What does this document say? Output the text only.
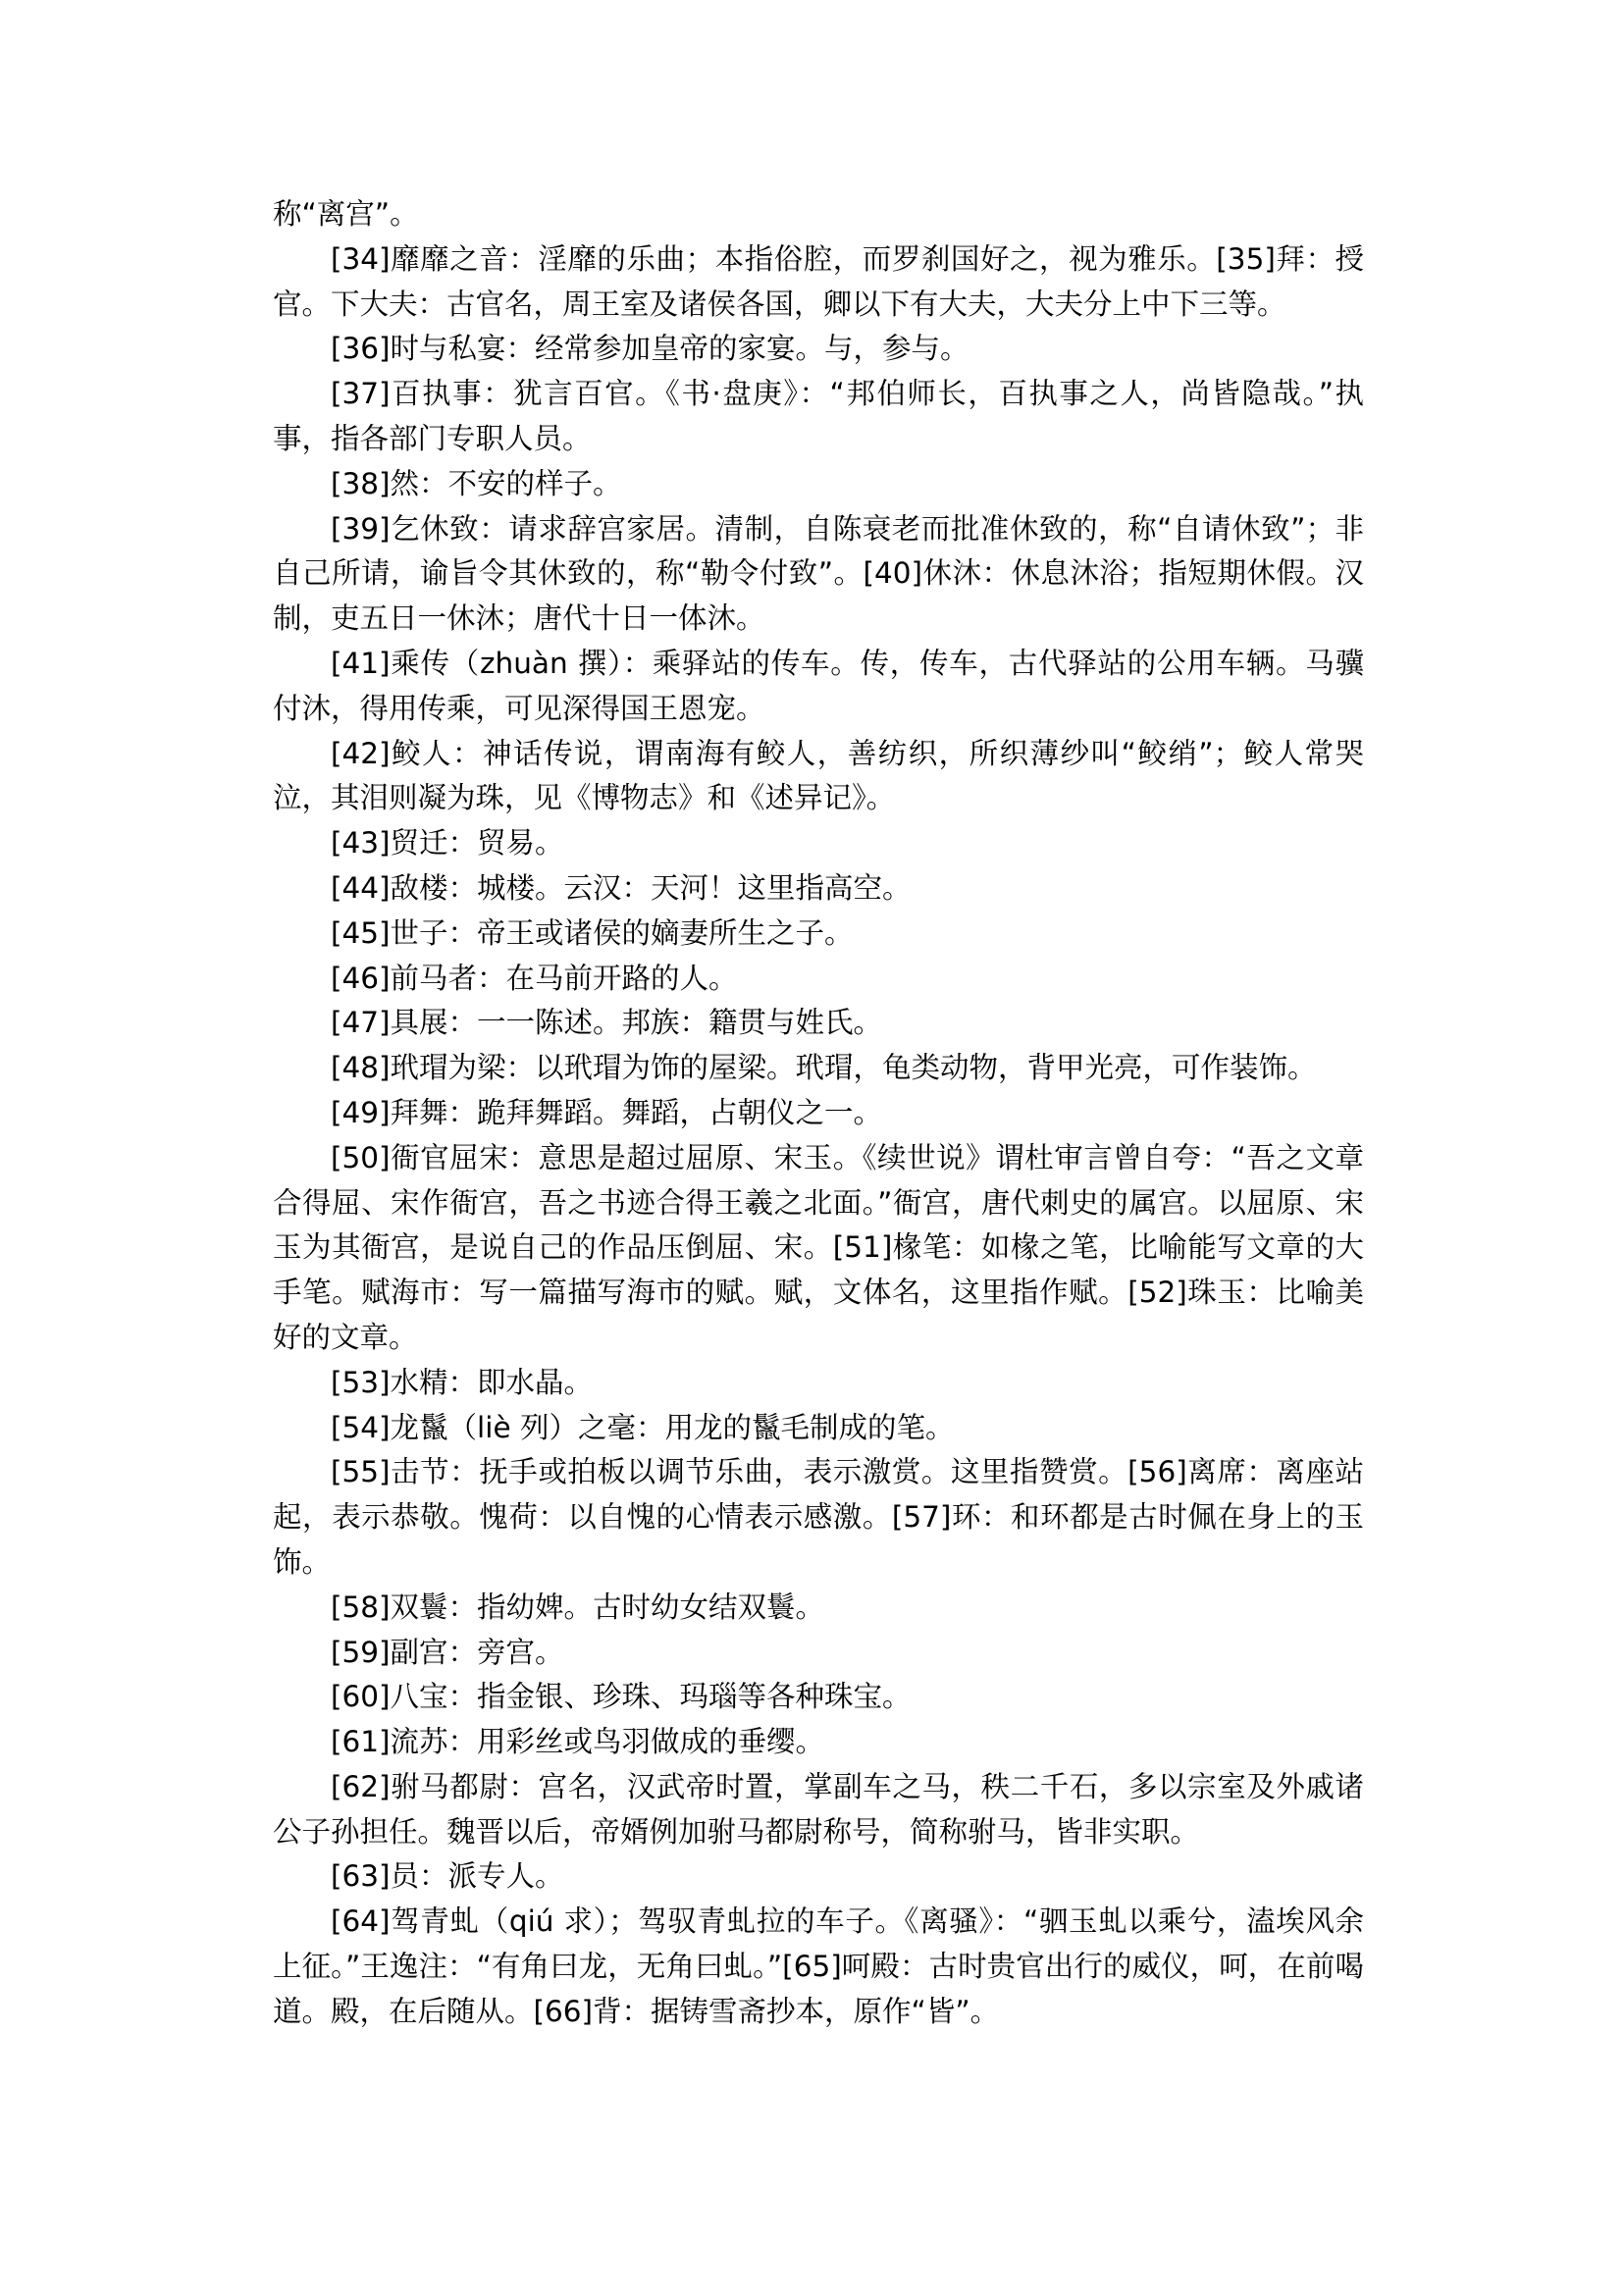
称“离宫”。

[34]靡靡之音：淫靡的乐曲；本指俗腔，而罗刹国好之，视为雅乐。[35]拜：授官。下大夫：古官名，周王室及诸侯各国，卿以下有大夫，大夫分上中下三等。

[36]时与私宴：经常参加皇帝的家宴。与，参与。

[37]百执事：犹言百官。《书·盘庚》：“邦伯师长，百执事之人，尚皆隐哉。”执事，指各部门专职人员。

[38]然：不安的样子。

[39]乞休致：请求辞宫家居。清制，自陈衰老而批准休致的，称“自请休致”；非自己所请，谕旨令其休致的，称“勒令付致”。[40]休沐：休息沐浴；指短期休假。汉制，吏五日一休沐；唐代十日一体沐。

[41]乘传（zhuàn 撰）：乘驿站的传车。传，传车，古代驿站的公用车辆。马骥付沐，得用传乘，可见深得国王恩宠。

[42]鲛人：神话传说，谓南海有鲛人，善纺织，所织薄纱叫“鲛绡”；鲛人常哭泣，其泪则凝为珠，见《博物志》和《述异记》。

[43]贸迁：贸易。

[44]敌楼：城楼。云汉：天河！这里指高空。

[45]世子：帝王或诸侯的嫡妻所生之子。

[46]前马者：在马前开路的人。

[47]具展：一一陈述。邦族：籍贯与姓氏。

[48]玳瑁为梁：以玳瑁为饰的屋梁。玳瑁，龟类动物，背甲光亮，可作装饰。

[49]拜舞：跪拜舞蹈。舞蹈，占朝仪之一。

[50]衙官屈宋：意思是超过屈原、宋玉。《续世说》谓杜审言曾自夸：“吾之文章合得屈、宋作衙宫，吾之书迹合得王羲之北面。”衙宫，唐代刺史的属宫。以屈原、宋玉为其衙宫，是说自己的作品压倒屈、宋。[51]椽笔：如椽之笔，比喻能写文章的大手笔。赋海市：写一篇描写海市的赋。赋，文体名，这里指作赋。[52]珠玉：比喻美好的文章。

[53]水精：即水晶。

[54]龙鬣（liè 列）之毫：用龙的鬣毛制成的笔。

[55]击节：抚手或拍板以调节乐曲，表示激赏。这里指赞赏。[56]离席：离座站起，表示恭敬。愧荷：以自愧的心情表示感激。[57]环：和环都是古时佩在身上的玉饰。

[58]双鬟：指幼婢。古时幼女结双鬟。

[59]副宫：旁宫。

[60]八宝：指金银、珍珠、玛瑙等各种珠宝。

[61]流苏：用彩丝或鸟羽做成的垂缨。

[62]驸马都尉：宫名，汉武帝时置，掌副车之马，秩二千石，多以宗室及外戚诸公子孙担任。魏晋以后，帝婿例加驸马都尉称号，简称驸马，皆非实职。

[63]员：派专人。

[64]驾青虬（qiú 求）；驾驭青虬拉的车子。《离骚》：“驷玉虬以乘兮，溘埃风余上征。”王逸注：“有角曰龙，无角曰虬。”[65]呵殿：古时贵官出行的威仪，呵，在前喝道。殿，在后随从。[66]背：据铸雪斋抄本，原作“皆”。
